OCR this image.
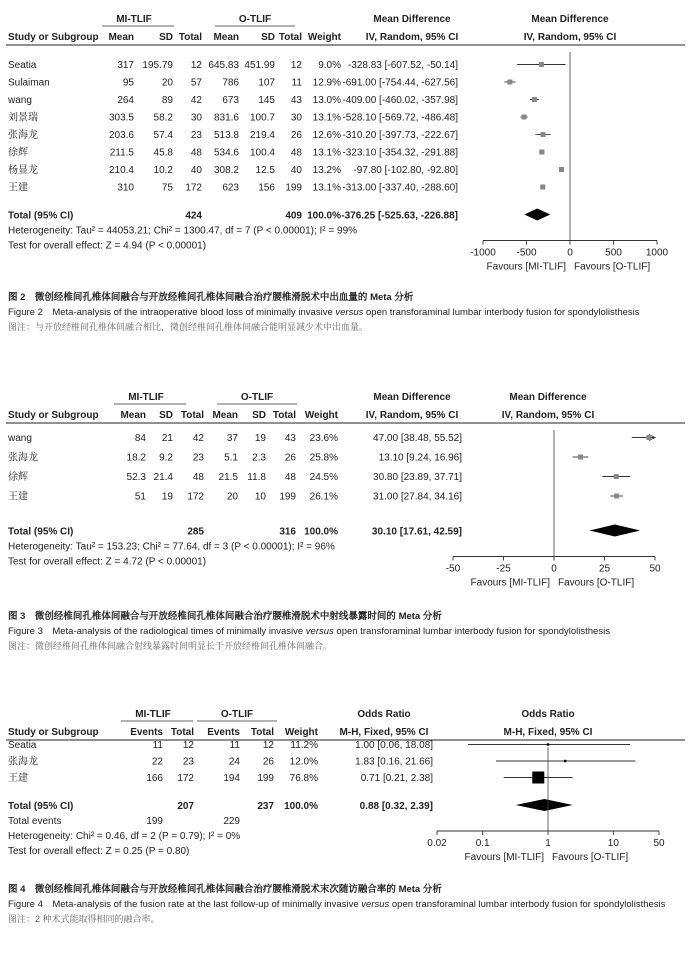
MI-TLIF	O-TLIF	Mean Difference	Mean Difference
Study or Subgroup Mean	SD Total Mean SD Total Weight IV, Random, 95% CI	IV, Random, 95% CI
Seatia	317 195.79 12 645.83 451.99 12 9.0% -328.83 [-607.52, -50.14]
Sulaiman	95	20 57 786 107 11 12.9% -691.00 [-754.44, -627.56]
wang	264	89 42 673 145 43 13.0% -409.00 [-460.02, -357.98]
刘景瑞	303.5 58.2 30 831.6 100.7 30 13.1% -528.10 [-569.72, -486.48]
张海龙	203.6 57.4 23 513.8 219.4 26 12.6% -310.20 [-397.73, -222.67]
徐辉	211.5 45.8 48 534.6 100.4 48 13.1% -323.10 [-354.32, -291.88]
杨显龙	210.4 10.2 40 308.2 12.5 40 13.2% -97.80 [-102.80, -92.80]
王建	310	75 172 623 156 199 13.1% -313.00 [-337.40, -288.60]
Total (95% CI)	424	409 100.0% -376.25 [-525.63, -226.88]
Heterogeneity: Tau² = 44053.21; Chi² = 1300.47, df = 7 (P < 0.00001); I² = 99%
Test for overall effect: Z = 4.94 (P < 0.00001)
-1000 -500	0	500 1000
Favours [MI-TLIF] Favours [O-TLIF]
图 2　微创经椎间孔椎体间融合与开放经椎间孔椎体间融合治疗腰椎滑脱术中出血量的 Meta 分析
Figure 2　Meta-analysis of the intraoperative blood loss of minimally invasive versus open transforaminal lumbar interbody fusion for spondylolisthesis
图注：与开放经椎间孔椎体间融合相比，微创经椎间孔椎体间融合能明显减少术中出血量。
MI-TLIF	O-TLIF	Mean Difference	Mean Difference
Study or Subgroup Mean SD Total Mean SD Total Weight	IV, Random, 95% CI	IV, Random, 95% CI
wang	84 21 42 37 19 43 23.6%	47.00 [38.48, 55.52]
张海龙	18.2 9.2 23 5.1 2.3 26 25.8%	13.10 [9.24, 16.96]
徐辉	52.3 21.4 48 21.5 11.8 48 24.5%	30.80 [23.89, 37.71]
王建	51 19 172 20 10 199 26.1%	31.00 [27.84, 34.16]
Total (95% CI)	285	316 100.0%	30.10 [17.61, 42.59]
Heterogeneity: Tau² = 153.23; Chi² = 77.64, df = 3 (P < 0.00001); I² = 96%
Test for overall effect: Z = 4.72 (P < 0.00001)
-50	-25	0	25	50
Favours [MI-TLIF] Favours [O-TLIF]
图 3　微创经椎间孔椎体间融合与开放经椎间孔椎体间融合治疗腰椎滑脱术中射线暴露时间的 Meta 分析
Figure 3　Meta-analysis of the radiological times of minimally invasive versus open transforaminal lumbar interbody fusion for spondylolisthesis
图注：微创经椎间孔椎体间融合射线暴露时间明显长于开放经椎间孔椎体间融合。
MI-TLIF	O-TLIF	Odds Ratio	Odds Ratio
Study or Subgroup	Events Total Events Total Weight M-H, Fixed, 95% CI	M-H, Fixed, 95% CI
Seatia	11 12	11 12 11.2%	1.00 [0.06, 18.08]
张海龙	22 23	24 26 12.0%	1.83 [0.16, 21.66]
王建	166 172	194 199 76.8%	0.71 [0.21, 2.38]
Total (95% CI)	207	237 100.0%	0.88 [0.32, 2.39]
Total events	199	229
Heterogeneity: Chi² = 0.46, df = 2 (P = 0.79); I² = 0%
Test for overall effect: Z = 0.25 (P = 0.80)
0.02	0.1	1	10	50
Favours [MI-TLIF] Favours [O-TLIF]
图 4　微创经椎间孔椎体间融合与开放经椎间孔椎体间融合治疗腰椎滑脱术末次随访融合率的 Meta 分析
Figure 4　Meta-analysis of the fusion rate at the last follow-up of minimally invasive versus open transforaminal lumbar interbody fusion for spondylolisthesis
图注：2 种术式能取得相同的融合率。
